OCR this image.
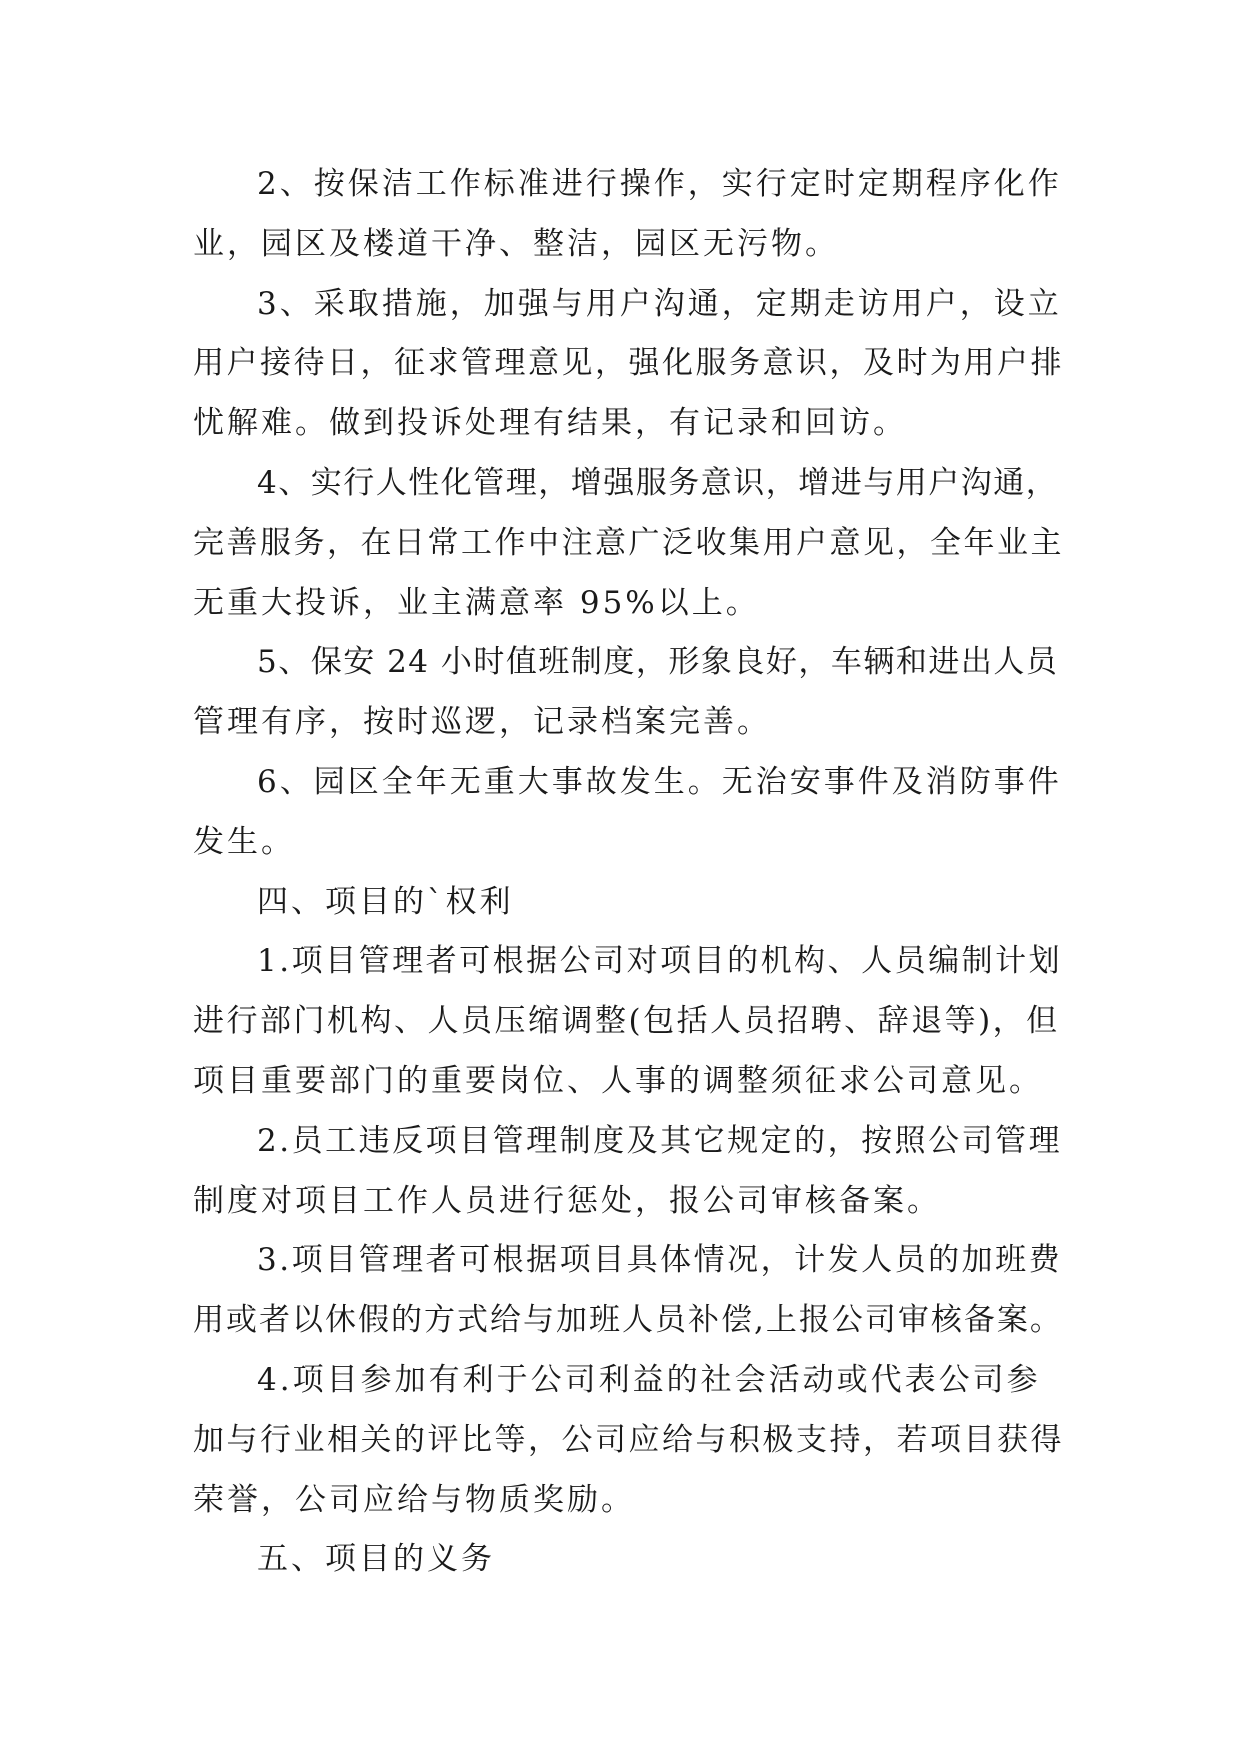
2、按保洁工作标准进行操作，实行定时定期程序化作
业，园区及楼道干净、整洁，园区无污物。
3、采取措施，加强与用户沟通，定期走访用户，设立
用户接待日，征求管理意见，强化服务意识，及时为用户排
忧解难。做到投诉处理有结果，有记录和回访。
4、实行人性化管理，增强服务意识，增进与用户沟通，
完善服务，在日常工作中注意广泛收集用户意见，全年业主
无重大投诉，业主满意率 95%以上。
5、保安 24 小时值班制度，形象良好，车辆和进出人员
管理有序，按时巡逻，记录档案完善。
6、园区全年无重大事故发生。无治安事件及消防事件
发生。
四、项目的`权利
1.项目管理者可根据公司对项目的机构、人员编制计划
进行部门机构、人员压缩调整(包括人员招聘、辞退等)，但
项目重要部门的重要岗位、人事的调整须征求公司意见。
2.员工违反项目管理制度及其它规定的，按照公司管理
制度对项目工作人员进行惩处，报公司审核备案。
3.项目管理者可根据项目具体情况，计发人员的加班费
用或者以休假的方式给与加班人员补偿,上报公司审核备案。
4.项目参加有利于公司利益的社会活动或代表公司参
加与行业相关的评比等，公司应给与积极支持，若项目获得
荣誉，公司应给与物质奖励。
五、项目的义务
